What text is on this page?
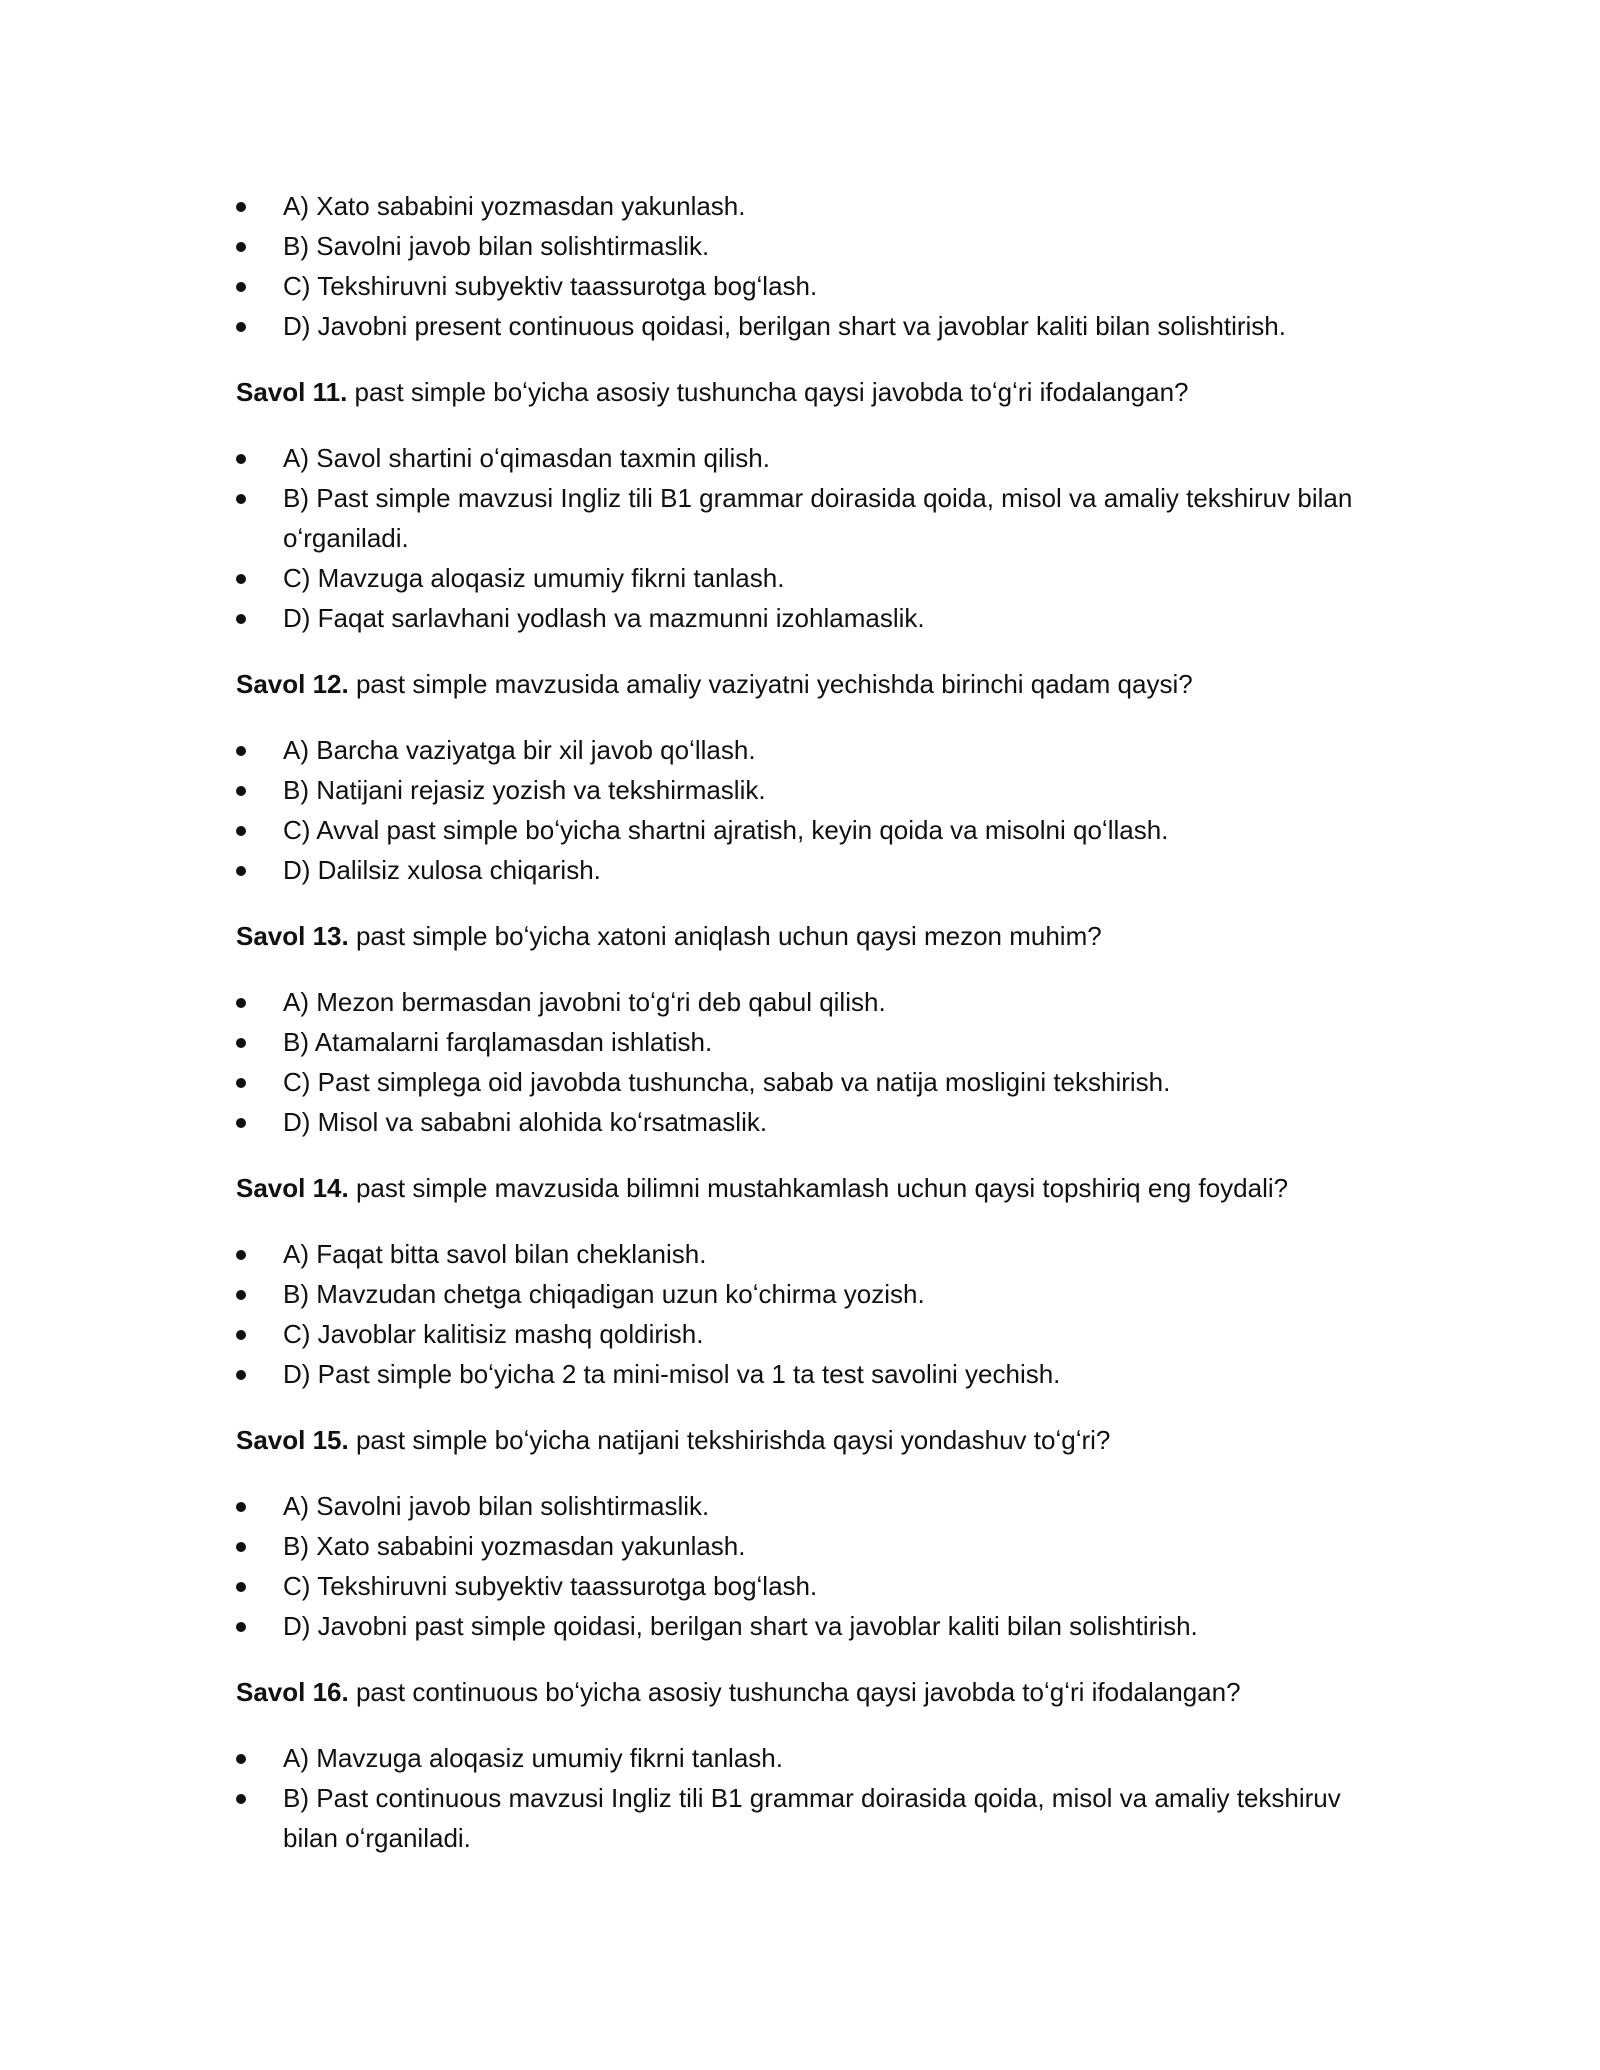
A) Xato sababini yozmasdan yakunlash.
B) Savolni javob bilan solishtirmaslik.
C) Tekshiruvni subyektiv taassurotga bogʻlash.
D) Javobni present continuous qoidasi, berilgan shart va javoblar kaliti bilan solishtirish.

Savol 11. past simple boʻyicha asosiy tushuncha qaysi javobda toʻgʻri ifodalangan?

A) Savol shartini oʻqimasdan taxmin qilish.
B) Past simple mavzusi Ingliz tili B1 grammar doirasida qoida, misol va amaliy tekshiruv bilan oʻrganiladi.
C) Mavzuga aloqasiz umumiy fikrni tanlash.
D) Faqat sarlavhani yodlash va mazmunni izohlamaslik.

Savol 12. past simple mavzusida amaliy vaziyatni yechishda birinchi qadam qaysi?

A) Barcha vaziyatga bir xil javob qoʻllash.
B) Natijani rejasiz yozish va tekshirmaslik.
C) Avval past simple boʻyicha shartni ajratish, keyin qoida va misolni qoʻllash.
D) Dalilsiz xulosa chiqarish.

Savol 13. past simple boʻyicha xatoni aniqlash uchun qaysi mezon muhim?

A) Mezon bermasdan javobni toʻgʻri deb qabul qilish.
B) Atamalarni farqlamasdan ishlatish.
C) Past simplega oid javobda tushuncha, sabab va natija mosligini tekshirish.
D) Misol va sababni alohida koʻrsatmaslik.

Savol 14. past simple mavzusida bilimni mustahkamlash uchun qaysi topshiriq eng foydali?

A) Faqat bitta savol bilan cheklanish.
B) Mavzudan chetga chiqadigan uzun koʻchirma yozish.
C) Javoblar kalitisiz mashq qoldirish.
D) Past simple boʻyicha 2 ta mini-misol va 1 ta test savolini yechish.

Savol 15. past simple boʻyicha natijani tekshirishda qaysi yondashuv toʻgʻri?

A) Savolni javob bilan solishtirmaslik.
B) Xato sababini yozmasdan yakunlash.
C) Tekshiruvni subyektiv taassurotga bogʻlash.
D) Javobni past simple qoidasi, berilgan shart va javoblar kaliti bilan solishtirish.

Savol 16. past continuous boʻyicha asosiy tushuncha qaysi javobda toʻgʻri ifodalangan?

A) Mavzuga aloqasiz umumiy fikrni tanlash.
B) Past continuous mavzusi Ingliz tili B1 grammar doirasida qoida, misol va amaliy tekshiruv bilan oʻrganiladi.
